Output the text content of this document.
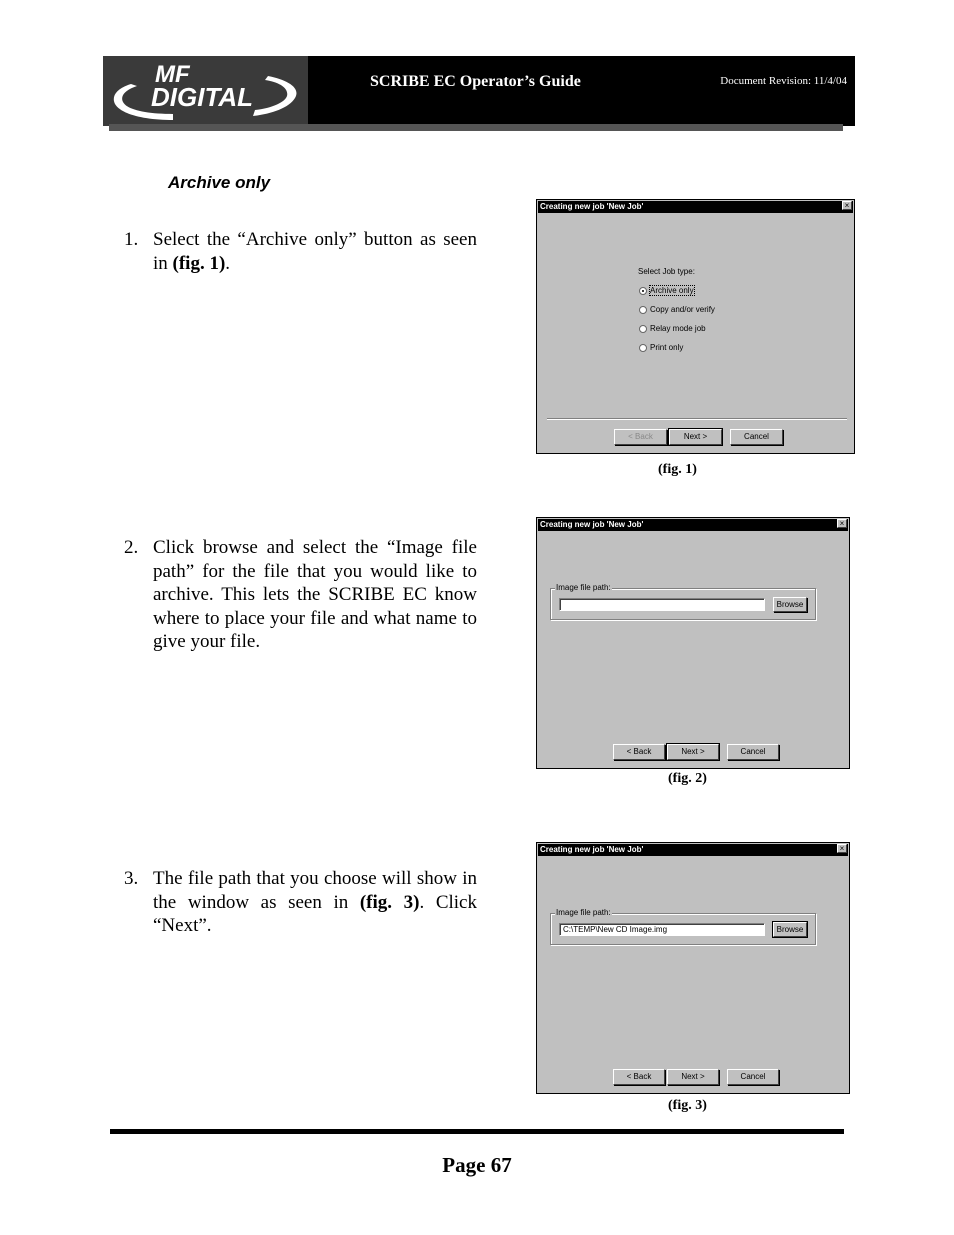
MF
DIGITAL
SCRIBE EC Operator’s Guide	Document Revision: 11/4/04
Archive only
1. Select the “Archive only” button as seen in (fig. 1).
2. Click browse and select the “Image file path” for the file that you would like to archive. This lets the SCRIBE EC know where to place your file and what name to give your file.
3. The file path that you choose will show in the window as seen in (fig. 3). Click “Next”.
Creating new job 'New Job'	×
Select Job type:
Archive only
Copy and/or verify
Relay mode job
Print only
< Back	Next >	Cancel
(fig. 1)
Creating new job 'New Job'	×
Image file path:
Browse
< Back	Next >	Cancel
(fig. 2)
Creating new job 'New Job'	×
Image file path:
C:\TEMP\New CD Image.img	Browse
< Back	Next >	Cancel
(fig. 3)
Page 67
